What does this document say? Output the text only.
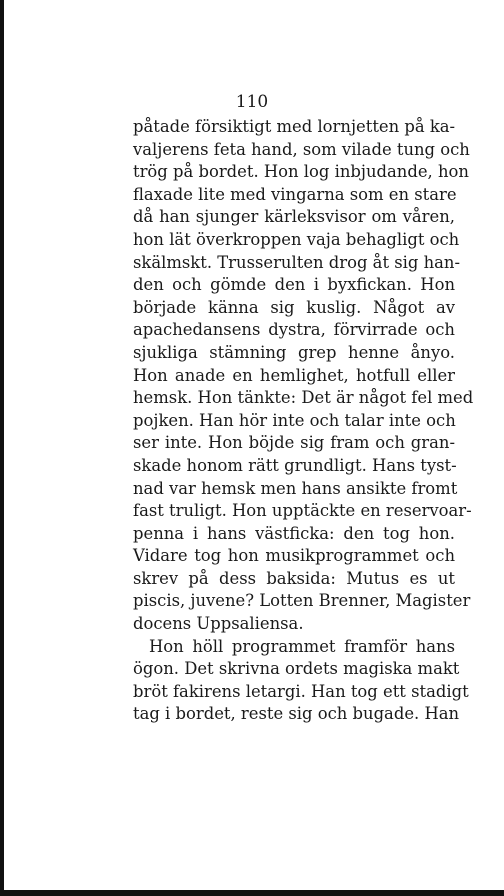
110
påtade försiktigt med lornjetten på ka-
valjerens feta hand, som vilade tung och
trög på bordet. Hon log inbjudande, hon
flaxade lite med vingarna som en stare
då han sjunger kärleksvisor om våren,
hon lät överkroppen vaja behagligt och
skälmskt. Trusserulten drog åt sig han-
den och gömde den i byxfickan. Hon
började känna sig kuslig. Något av
apachedansens dystra, förvirrade och
sjukliga stämning grep henne ånyo.
Hon anade en hemlighet, hotfull eller
hemsk. Hon tänkte: Det är något fel med
pojken. Han hör inte och talar inte och
ser inte. Hon böjde sig fram och gran-
skade honom rätt grundligt. Hans tyst-
nad var hemsk men hans ansikte fromt
fast truligt. Hon upptäckte en reservoar-
penna i hans västficka: den tog hon.
Vidare tog hon musikprogrammet och
skrev på dess baksida: Mutus es ut
piscis, juvene? Lotten Brenner, Magister
docens Uppsaliensa.
Hon höll programmet framför hans
ögon. Det skrivna ordets magiska makt
bröt fakirens letargi. Han tog ett stadigt
tag i bordet, reste sig och bugade. Han
